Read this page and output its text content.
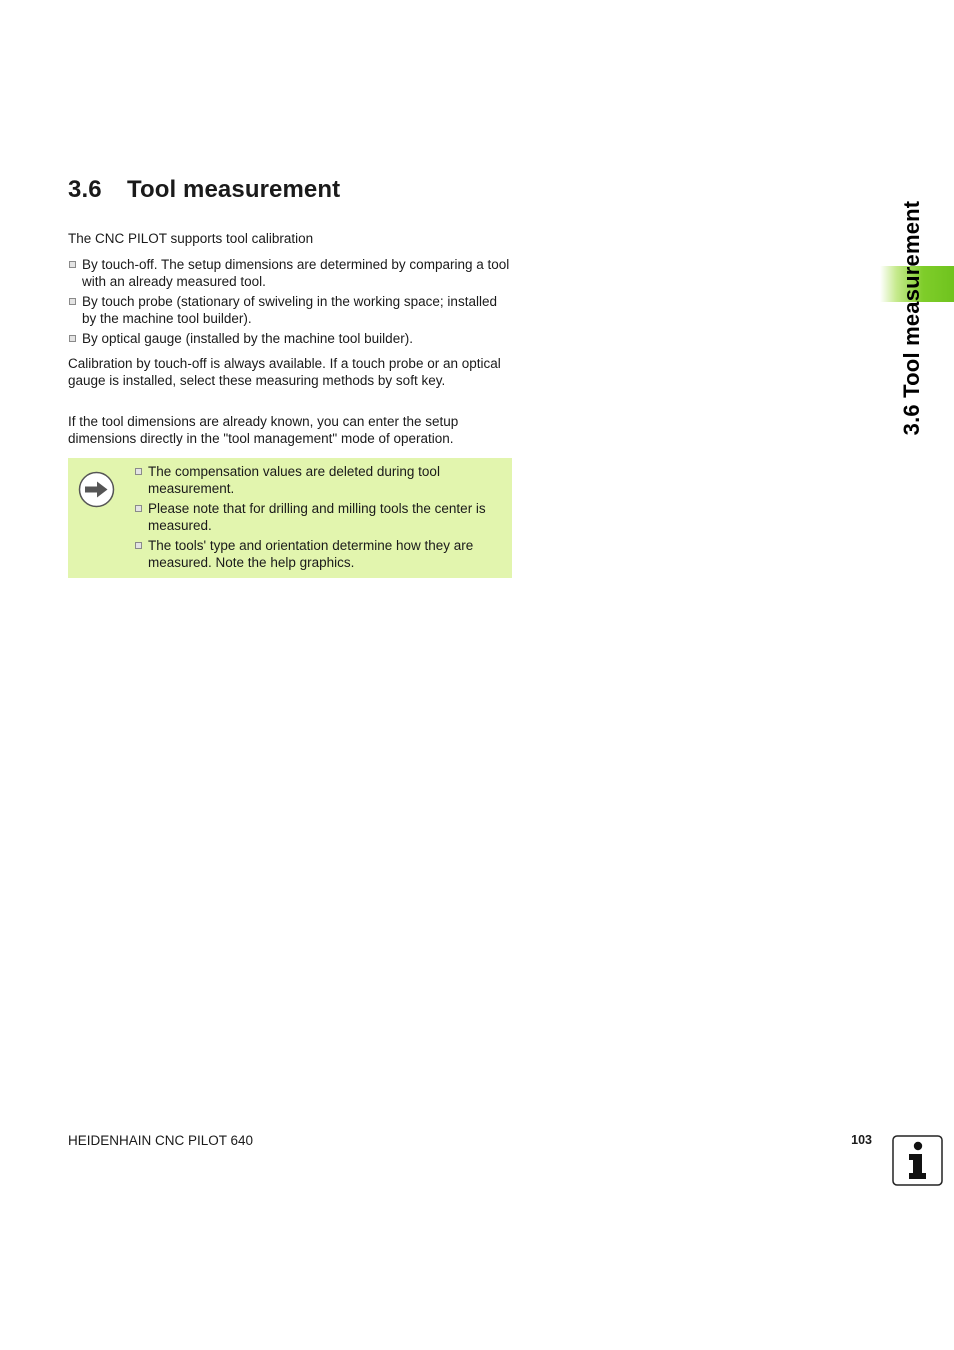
3.6 Tool measurement
3.6 Tool measurement

The CNC PILOT supports tool calibration

By touch-off. The setup dimensions are determined by comparing a tool with an already measured tool.
By touch probe (stationary of swiveling in the working space; installed by the machine tool builder).
By optical gauge (installed by the machine tool builder).

Calibration by touch-off is always available. If a touch probe or an optical gauge is installed, select these measuring methods by soft key.

If the tool dimensions are already known, you can enter the setup dimensions directly in the "tool management" mode of operation.

The compensation values are deleted during tool measurement.
Please note that for drilling and milling tools the center is measured.
The tools' type and orientation determine how they are measured. Note the help graphics.
HEIDENHAIN CNC PILOT 640	103
